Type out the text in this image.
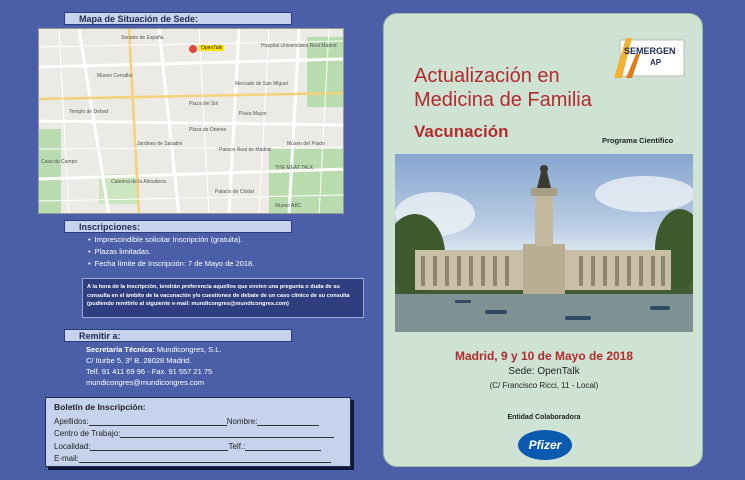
Mapa de Situación de Sede:
OpenTalk
Senado de España
Hospital Universitario Real Madrid
Mercado de San Miguel
Plaza Mayor
Museo Cerralbo
Templo de Debod
Jardines de Sabatini
Palacio Real de Madrid
Plaza de Oriente
Plaza del Sol
Casa de Campo
THE MEAT TALK
Palacio de Cristal
Museo del Prado
Catedral de la Almudena
Museo ABC
Inscripciones:
• Imprescindible solicitar Inscripción (gratuita).
• Plazas limitadas.
• Fecha límite de Inscripción: 7 de Mayo de 2018.
A la hora de la inscripción, tendrán preferencia aquellos que envíen una pregunta o duda de su consulta en el ámbito de la vacunación y/o cuestiones de debate de un caso clínico de su consulta (pudiendo remitirlo al siguiente e-mail: mundicongres@mundicongres.com)
Remitir a:
Secretaría Técnica: Mundicongres, S.L.
C/ Iturbe 5, 3º B. 28028 Madrid.
Telf. 91 411 69 96 - Fax. 91 557 21 75
mundicongres@mundicongres.com
Boletín de Inscripción:
Apellidos:	Nombre:
Centro de Trabajo:
Localidad:	Telf.:
E-mail:
SEMERGEN
AP
Actualización en
Medicina de Familia
Vacunación	Programa Científico
Madrid, 9 y 10 de Mayo de 2018
Sede: OpenTalk
(C/ Francisco Ricci, 11 - Local)
Entidad Colaboradora
Pfizer
